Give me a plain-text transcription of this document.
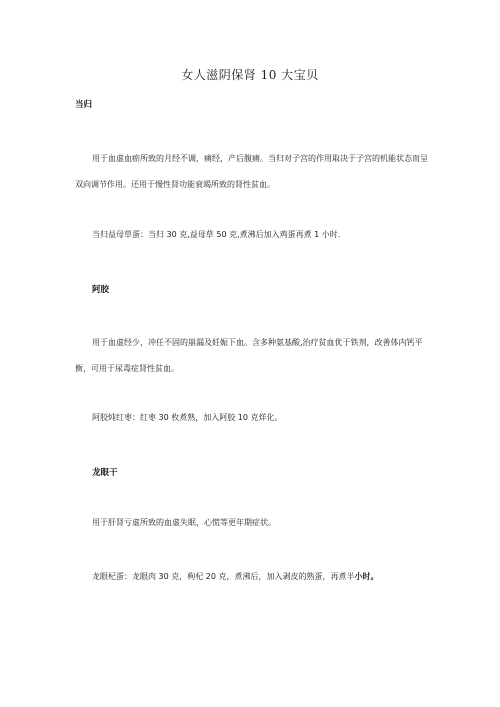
女人滋阴保肾 10 大宝贝
当归
用于血虚血瘀所致的月经不调，痛经，产后腹痛。当归对子宫的作用取决于子宫的机能状态而呈双向调节作用。还用于慢性肾功能衰竭所致的肾性贫血。
当归益母草蛋：当归 30 克,益母草 50 克,煮沸后加入鸡蛋再煮 1 小时.
阿胶
用于血虚经少，冲任不固的崩漏及妊娠下血。含多种氨基酸,治疗贫血优于铁剂，改善体内钙平衡，可用于尿毒症肾性贫血。
阿胶炖红枣：红枣 30 枚煮熟，加入阿胶 10 克烊化。
龙眼干
用于肝肾亏虚所致的血虚失眠，心慌等更年期症状。
龙眼杞蛋：龙眼肉 30 克，枸杞 20 克，煮沸后，加入剥皮的熟蛋，再煮半小时。
